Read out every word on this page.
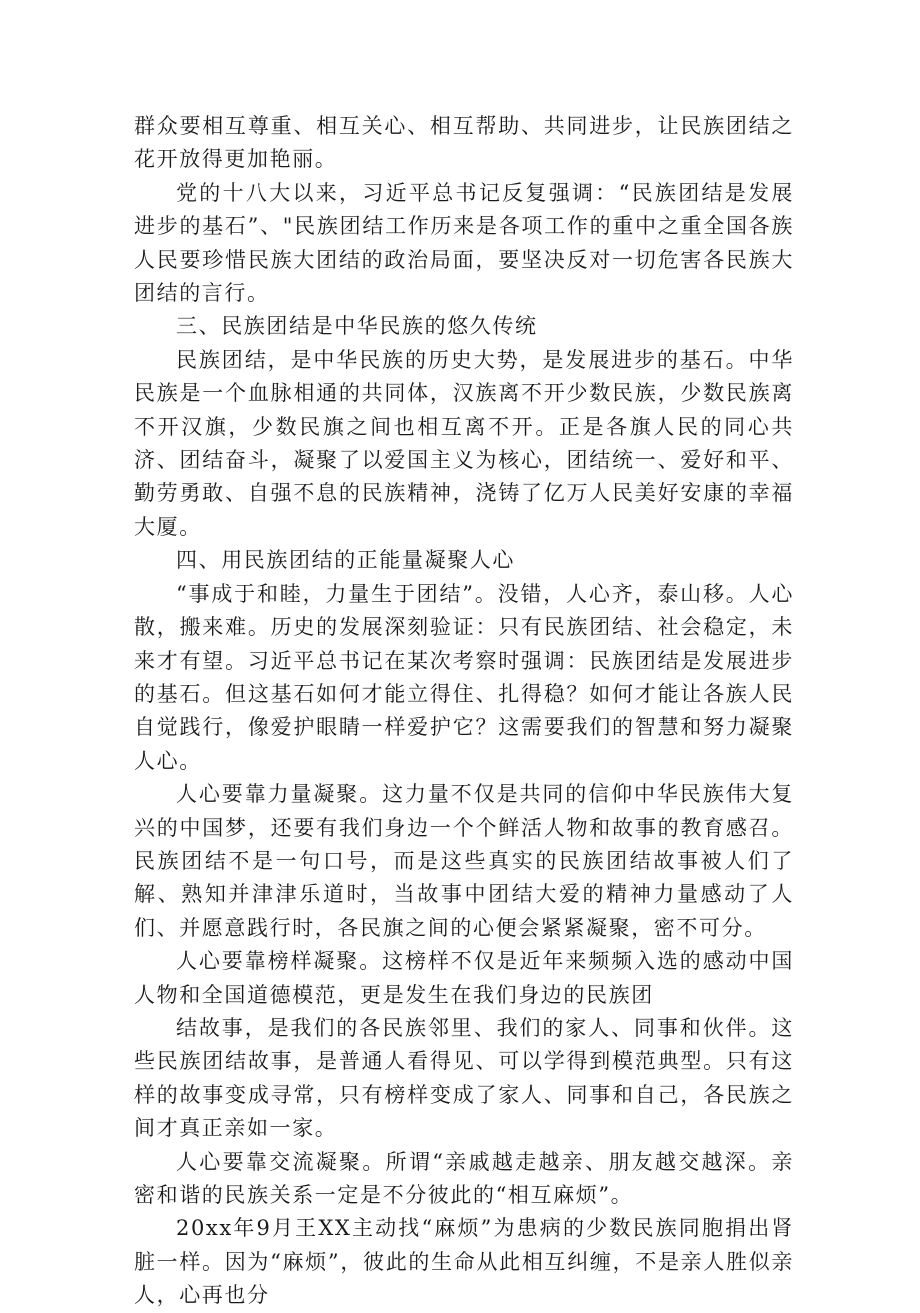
群众要相互尊重、相互关心、相互帮助、共同进步，让民族团结之花开放得更加艳丽。

党的十八大以来，习近平总书记反复强调：“民族团结是发展进步的基石”、"民族团结工作历来是各项工作的重中之重全国各族人民要珍惜民族大团结的政治局面，要坚决反对一切危害各民族大团结的言行。

三、民族团结是中华民族的悠久传统

民族团结，是中华民族的历史大势，是发展进步的基石。中华民族是一个血脉相通的共同体，汉族离不开少数民族，少数民族离不开汉旗，少数民旗之间也相互离不开。正是各旗人民的同心共济、团结奋斗，凝聚了以爱国主义为核心，团结统一、爱好和平、勤劳勇敢、自强不息的民族精神，浇铸了亿万人民美好安康的幸福大厦。

四、用民族团结的正能量凝聚人心

“事成于和睦，力量生于团结”。没错，人心齐，泰山移。人心散，搬来难。历史的发展深刻验证：只有民族团结、社会稳定，未来才有望。习近平总书记在某次考察时强调：民族团结是发展进步的基石。但这基石如何才能立得住、扎得稳？如何才能让各族人民自觉践行，像爱护眼睛一样爱护它？这需要我们的智慧和努力凝聚人心。

人心要靠力量凝聚。这力量不仅是共同的信仰中华民族伟大复兴的中国梦，还要有我们身边一个个鲜活人物和故事的教育感召。民族团结不是一句口号，而是这些真实的民族团结故事被人们了解、熟知并津津乐道时，当故事中团结大爱的精神力量感动了人们、并愿意践行时，各民旗之间的心便会紧紧凝聚，密不可分。

人心要靠榜样凝聚。这榜样不仅是近年来频频入选的感动中国人物和全国道德模范，更是发生在我们身边的民族团

结故事，是我们的各民族邻里、我们的家人、同事和伙伴。这些民族团结故事，是普通人看得见、可以学得到模范典型。只有这样的故事变成寻常，只有榜样变成了家人、同事和自己，各民族之间才真正亲如一家。

人心要靠交流凝聚。所谓“亲戚越走越亲、朋友越交越深。亲密和谐的民族关系一定是不分彼此的“相互麻烦”。

20xx年9月王XX主动找“麻烦”为患病的少数民族同胞捐出肾脏一样。因为“麻烦”，彼此的生命从此相互纠缠，不是亲人胜似亲人，心再也分
